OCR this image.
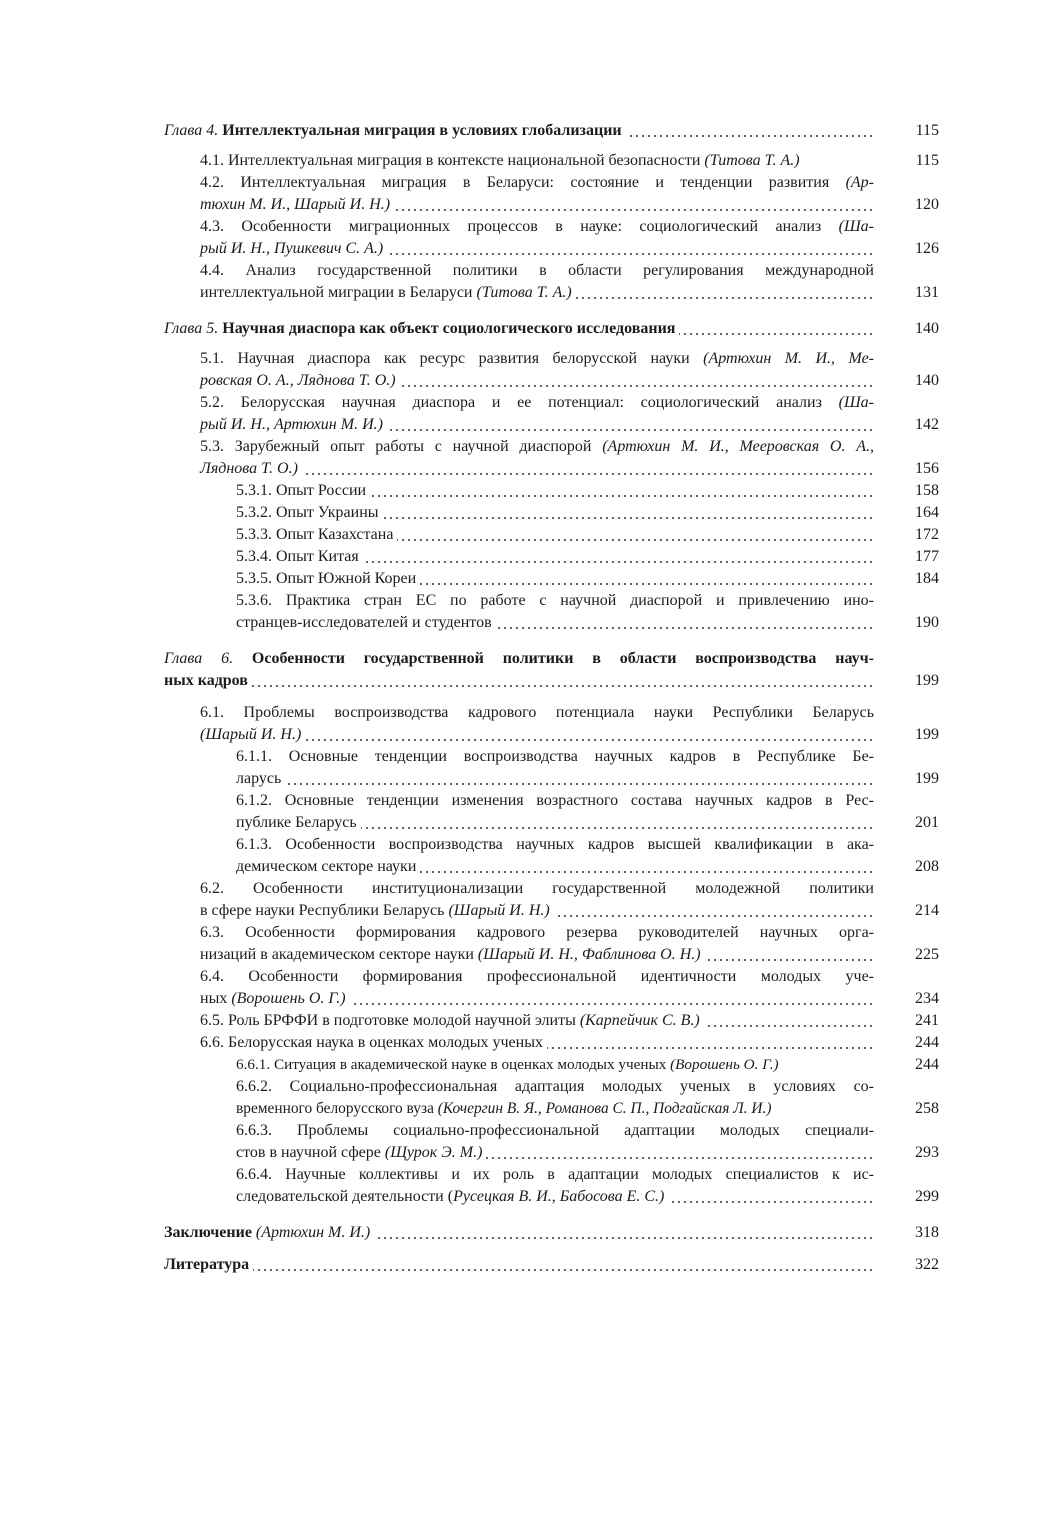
Глава 4. Интеллектуальная миграция в условиях глобализации	115
4.1. Интеллектуальная миграция в контексте национальной безопасности (Титова Т. А.)	115
4.2. Интеллектуальная миграция в Беларуси: состояние и тенденции развития (Ар-
тюхин М. И., Шарый И. Н.)	120
4.3. Особенности миграционных процессов в науке: социологический анализ (Ша-
рый И. Н., Пушкевич С. А.)	126
4.4. Анализ государственной политики в области регулирования международной
интеллектуальной миграции в Беларуси (Титова Т. А.)	131
Глава 5. Научная диаспора как объект социологического исследования	140
5.1. Научная диаспора как ресурс развития белорусской науки (Артюхин М. И., Ме-
ровская О. А., Ляднова Т. О.)	140
5.2. Белорусская научная диаспора и ее потенциал: социологический анализ (Ша-
рый И. Н., Артюхин М. И.)	142
5.3. Зарубежный опыт работы с научной диаспорой (Артюхин М. И., Мееровская О. А.,
Ляднова Т. О.)	156
5.3.1. Опыт России	158
5.3.2. Опыт Украины	164
5.3.3. Опыт Казахстана	172
5.3.4. Опыт Китая	177
5.3.5. Опыт Южной Кореи	184
5.3.6. Практика стран ЕС по работе с научной диаспорой и привлечению ино-
странцев-исследователей и студентов	190
Глава 6. Особенности государственной политики в области воспроизводства науч-
ных кадров	199
6.1. Проблемы воспроизводства кадрового потенциала науки Республики Беларусь
(Шарый И. Н.)	199
6.1.1. Основные тенденции воспроизводства научных кадров в Республике Бе-
ларусь	199
6.1.2. Основные тенденции изменения возрастного состава научных кадров в Рес-
публике Беларусь	201
6.1.3. Особенности воспроизводства научных кадров высшей квалификации в ака-
демическом секторе науки	208
6.2. Особенности институционализации государственной молодежной политики
в сфере науки Республики Беларусь (Шарый И. Н.)	214
6.3. Особенности формирования кадрового резерва руководителей научных орга-
низаций в академическом секторе науки (Шарый И. Н., Фаблинова О. Н.)	225
6.4. Особенности формирования профессиональной идентичности молодых уче-
ных (Ворошень О. Г.)	234
6.5. Роль БРФФИ в подготовке молодой научной элиты (Карпейчик С. В.)	241
6.6. Белорусская наука в оценках молодых ученых	244
6.6.1. Ситуация в академической науке в оценках молодых ученых (Ворошень О. Г.)	244
6.6.2. Социально-профессиональная адаптация молодых ученых в условиях со-
временного белорусского вуза (Кочергин В. Я., Романова С. П., Подгайская Л. И.)	258
6.6.3. Проблемы социально-профессиональной адаптации молодых специали-
стов в научной сфере (Щурок Э. М.)	293
6.6.4. Научные коллективы и их роль в адаптации молодых специалистов к ис-
следовательской деятельности (Русецкая В. И., Бабосова Е. С.)	299
Заключение (Артюхин М. И.)	318
Литература	322
